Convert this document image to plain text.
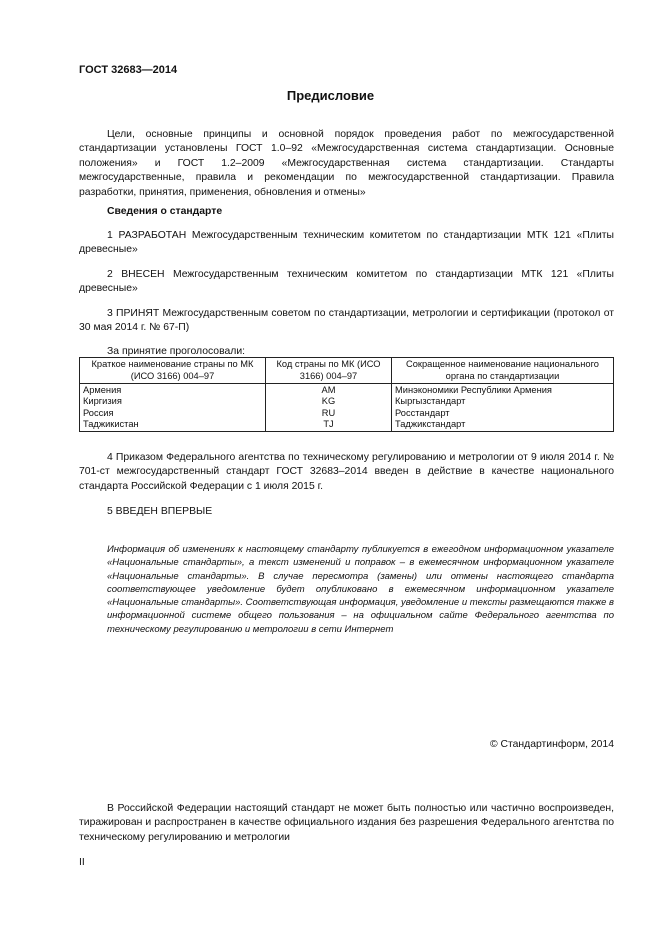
ГОСТ 32683—2014
Предисловие
Цели, основные принципы и основной порядок проведения работ по межгосударственной стандартизации установлены ГОСТ 1.0–92 «Межгосударственная система стандартизации. Основные положения» и ГОСТ 1.2–2009 «Межгосударственная система стандартизации. Стандарты межгосударственные, правила и рекомендации по межгосударственной стандартизации. Правила разработки, принятия, применения, обновления и отмены»
Сведения о стандарте
1 РАЗРАБОТАН Межгосударственным техническим комитетом по стандартизации МТК 121 «Плиты древесные»
2 ВНЕСЕН Межгосударственным техническим комитетом по стандартизации МТК 121 «Плиты древесные»
3 ПРИНЯТ Межгосударственным советом по стандартизации, метрологии и сертификации (протокол от 30 мая 2014 г. № 67-П)
За принятие проголосовали:
Краткое наименование страны по МК (ИСО 3166) 004–97	Код страны по МК (ИСО 3166) 004–97	Сокращенное наименование национального органа по стандартизации
Армения	AM	Минэкономики Республики Армения
Киргизия	KG	Кыргызстандарт
Россия	RU	Росстандарт
Таджикистан	TJ	Таджикстандарт
4 Приказом Федерального агентства по техническому регулированию и метрологии от 9 июля 2014 г. № 701-ст межгосударственный стандарт ГОСТ 32683–2014 введен в действие в качестве национального стандарта Российской Федерации с 1 июля 2015 г.
5 ВВЕДЕН ВПЕРВЫЕ
Информация об изменениях к настоящему стандарту публикуется в ежегодном информационном указателе «Национальные стандарты», а текст изменений и поправок – в ежемесячном информационном указателе «Национальные стандарты». В случае пересмотра (замены) или отмены настоящего стандарта соответствующее уведомление будет опубликовано в ежемесячном информационном указателе «Национальные стандарты». Соответствующая информация, уведомление и тексты размещаются также в информационной системе общего пользования – на официальном сайте Федерального агентства по техническому регулированию и метрологии в сети Интернет
© Стандартинформ, 2014
В Российской Федерации настоящий стандарт не может быть полностью или частично воспроизведен, тиражирован и распространен в качестве официального издания без разрешения Федерального агентства по техническому регулированию и метрологии
II
